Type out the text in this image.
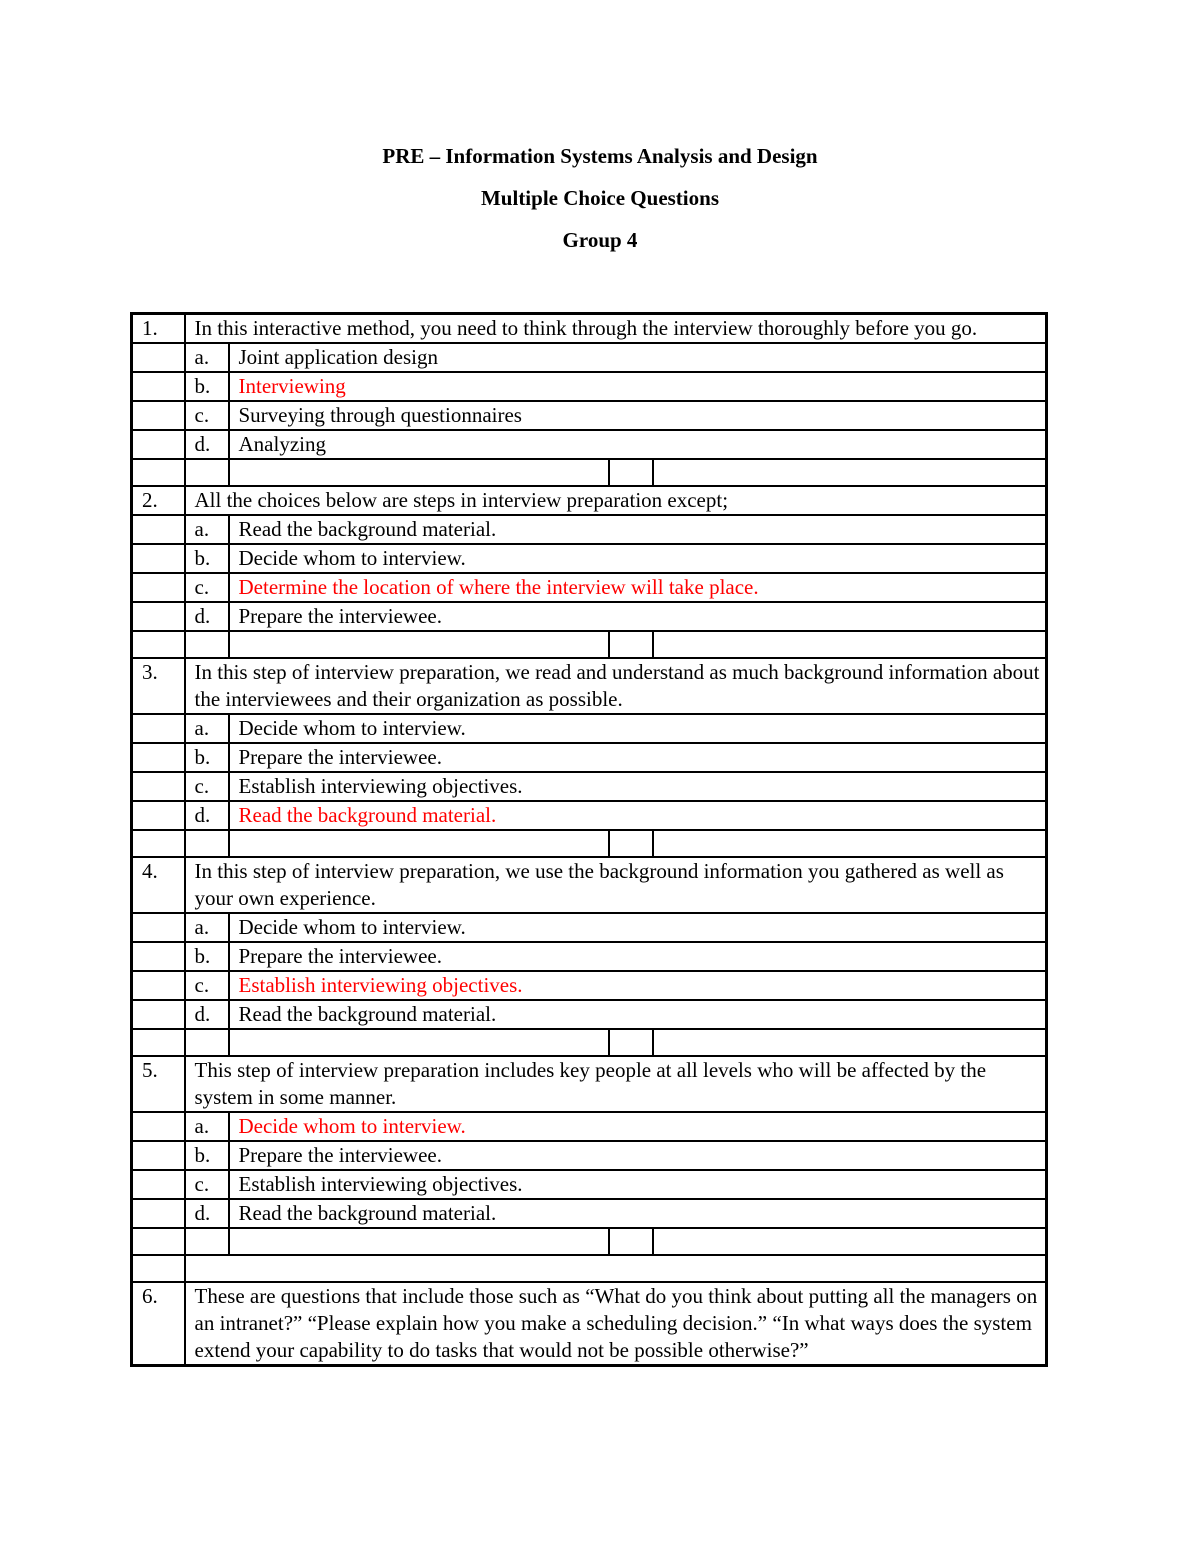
PRE – Information Systems Analysis and Design
Multiple Choice Questions
Group 4
1.	In this interactive method, you need to think through the interview thoroughly before you go.			
	a.	Joint application design		
	b.	Interviewing		
	c.	Surveying through questionnaires		
	d.	Analyzing		

2.	All the choices below are steps in interview preparation except;			
	a.	Read the background material.		
	b.	Decide whom to interview.		
	c.	Determine the location of where the interview will take place.		
	d.	Prepare the interviewee.		

3.	In this step of interview preparation, we read and understand as much background information about the interviewees and their organization as possible.			
	a.	Decide whom to interview.		
	b.	Prepare the interviewee.		
	c.	Establish interviewing objectives.		
	d.	Read the background material.		

4.	In this step of interview preparation, we use the background information you gathered as well as your own experience.			
	a.	Decide whom to interview.		
	b.	Prepare the interviewee.		
	c.	Establish interviewing objectives.		
	d.	Read the background material.		

5.	This step of interview preparation includes key people at all levels who will be affected by the system in some manner.			
	a.	Decide whom to interview.		
	b.	Prepare the interviewee.		
	c.	Establish interviewing objectives.		
	d.	Read the background material.		

6.	These are questions that include those such as “What do you think about putting all the managers on an intranet?” “Please explain how you make a scheduling decision.” “In what ways does the system extend your capability to do tasks that would not be possible otherwise?”			
